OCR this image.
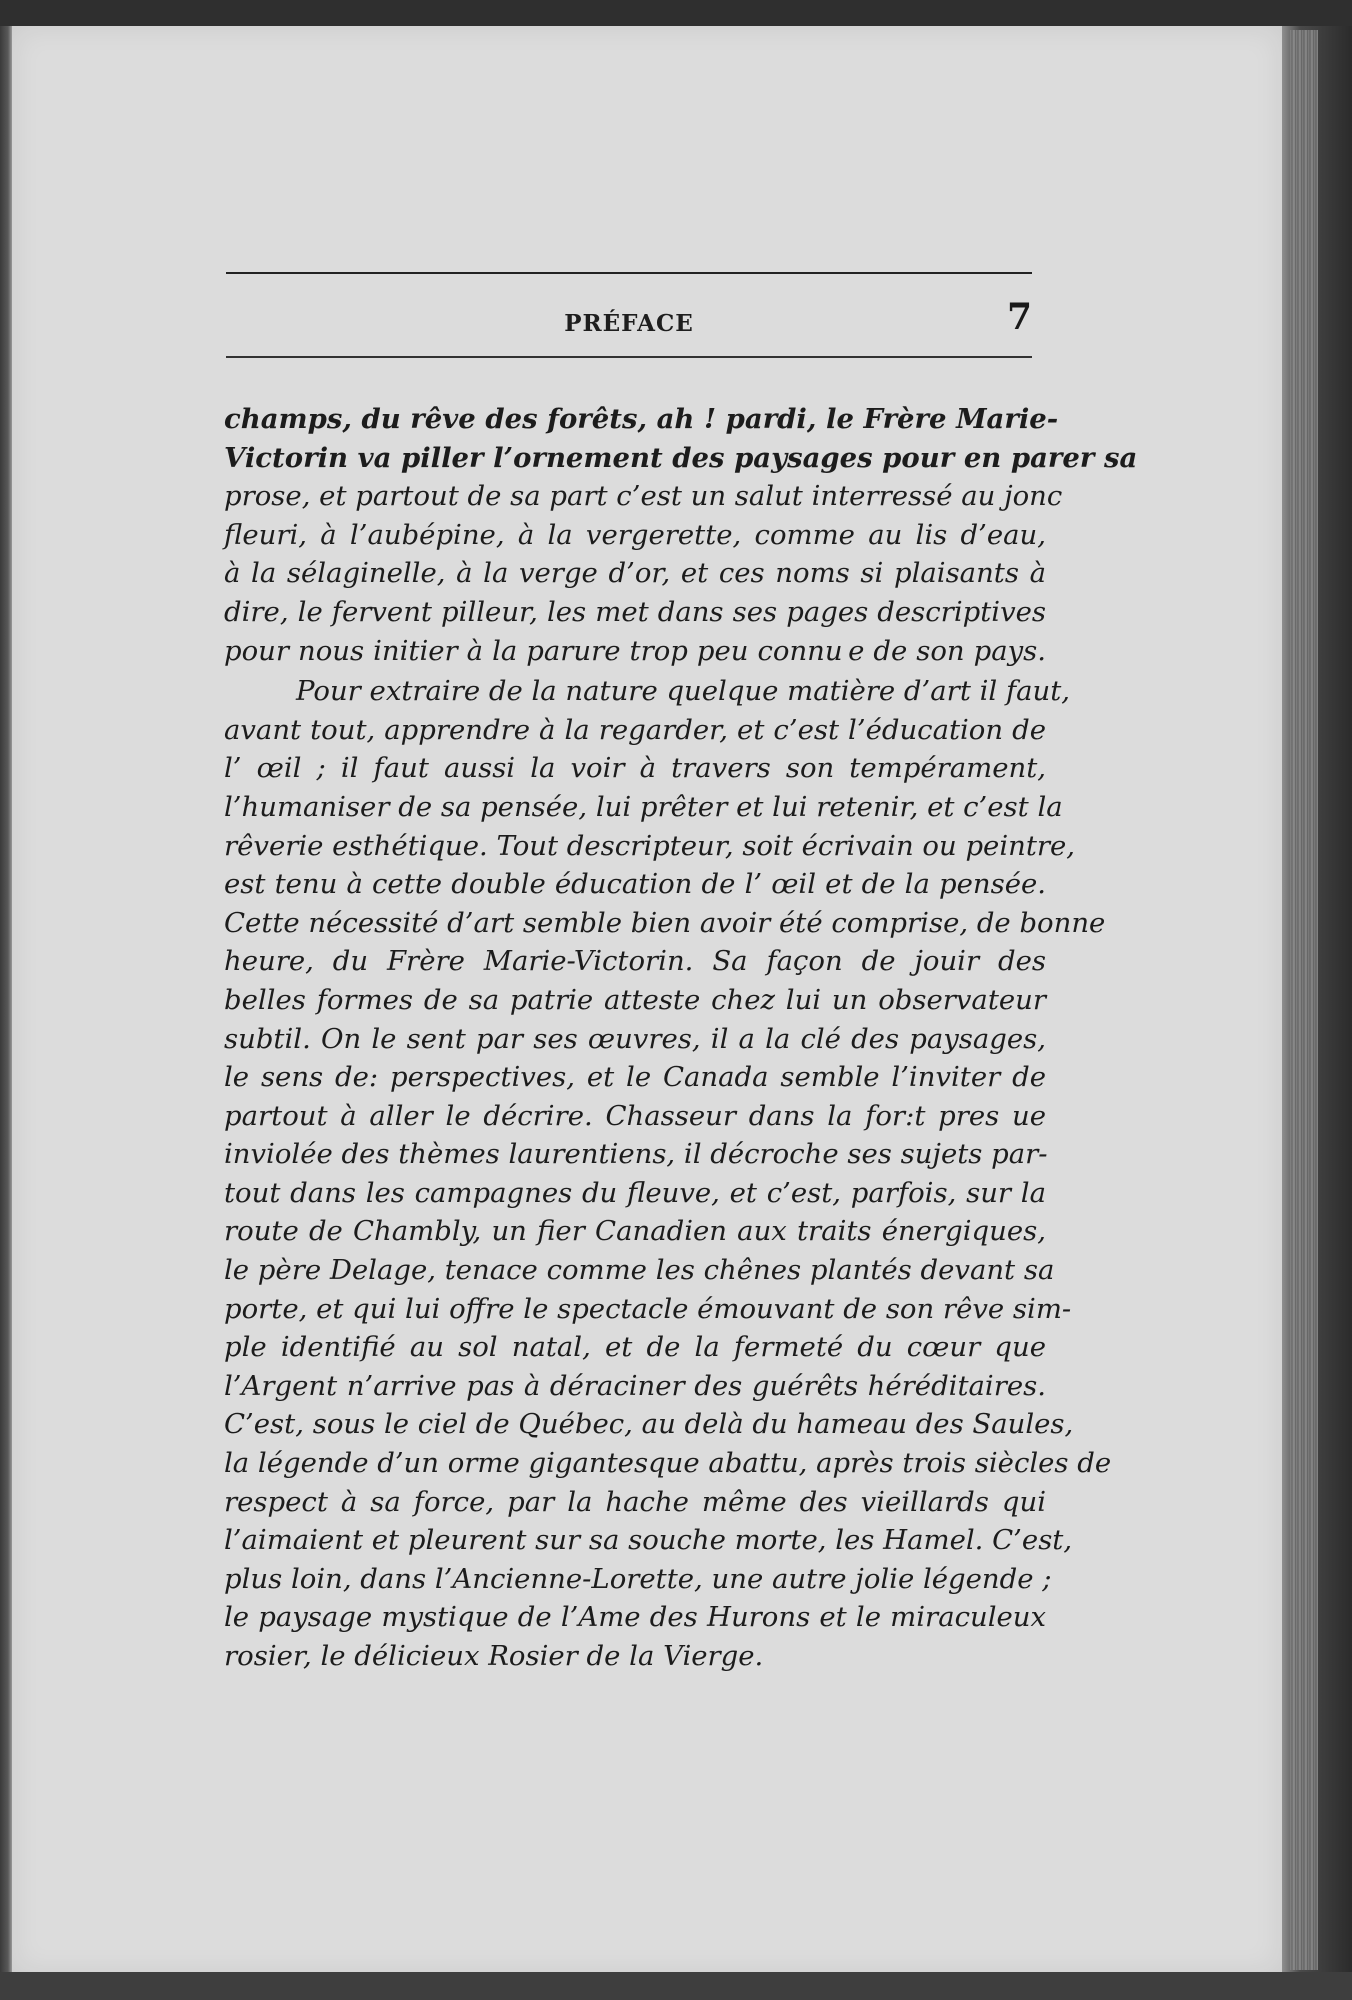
PRÉFACE	7
champs, du rêve des forêts, ah ! pardi, le Frère Marie-
Victorin va piller l’ornement des paysages pour en parer sa
prose, et partout de sa part c’est un salut interressé au jonc
fleuri, à l’aubépine, à la vergerette, comme au lis d’eau,
à la sélaginelle, à la verge d’or, et ces noms si plaisants à
dire, le fervent pilleur, les met dans ses pages descriptives
pour nous initier à la parure trop peu connu e de son pays.
Pour extraire de la nature quelque matière d’art il faut,
avant tout, apprendre à la regarder, et c’est l’éducation de
l’ œil ; il faut aussi la voir à travers son tempérament,
l’humaniser de sa pensée, lui prêter et lui retenir, et c’est la
rêverie esthétique. Tout descripteur, soit écrivain ou peintre,
est tenu à cette double éducation de l’ œil et de la pensée.
Cette nécessité d’art semble bien avoir été comprise, de bonne
heure, du Frère Marie-Victorin. Sa façon de jouir des
belles formes de sa patrie atteste chez lui un observateur
subtil. On le sent par ses œuvres, il a la clé des paysages,
le sens de: perspectives, et le Canada semble l’inviter de
partout à aller le décrire. Chasseur dans la for:t pres ue
inviolée des thèmes laurentiens, il décroche ses sujets par-
tout dans les campagnes du fleuve, et c’est, parfois, sur la
route de Chambly, un fier Canadien aux traits énergiques,
le père Delage, tenace comme les chênes plantés devant sa
porte, et qui lui offre le spectacle émouvant de son rêve sim-
ple identifié au sol natal, et de la fermeté du cœur que
l’Argent n’arrive pas à déraciner des guérêts héréditaires.
C’est, sous le ciel de Québec, au delà du hameau des Saules,
la légende d’un orme gigantesque abattu, après trois siècles de
respect à sa force, par la hache même des vieillards qui
l’aimaient et pleurent sur sa souche morte, les Hamel. C’est,
plus loin, dans l’Ancienne-Lorette, une autre jolie légende ;
le paysage mystique de l’Ame des Hurons et le miraculeux
rosier, le délicieux Rosier de la Vierge.
